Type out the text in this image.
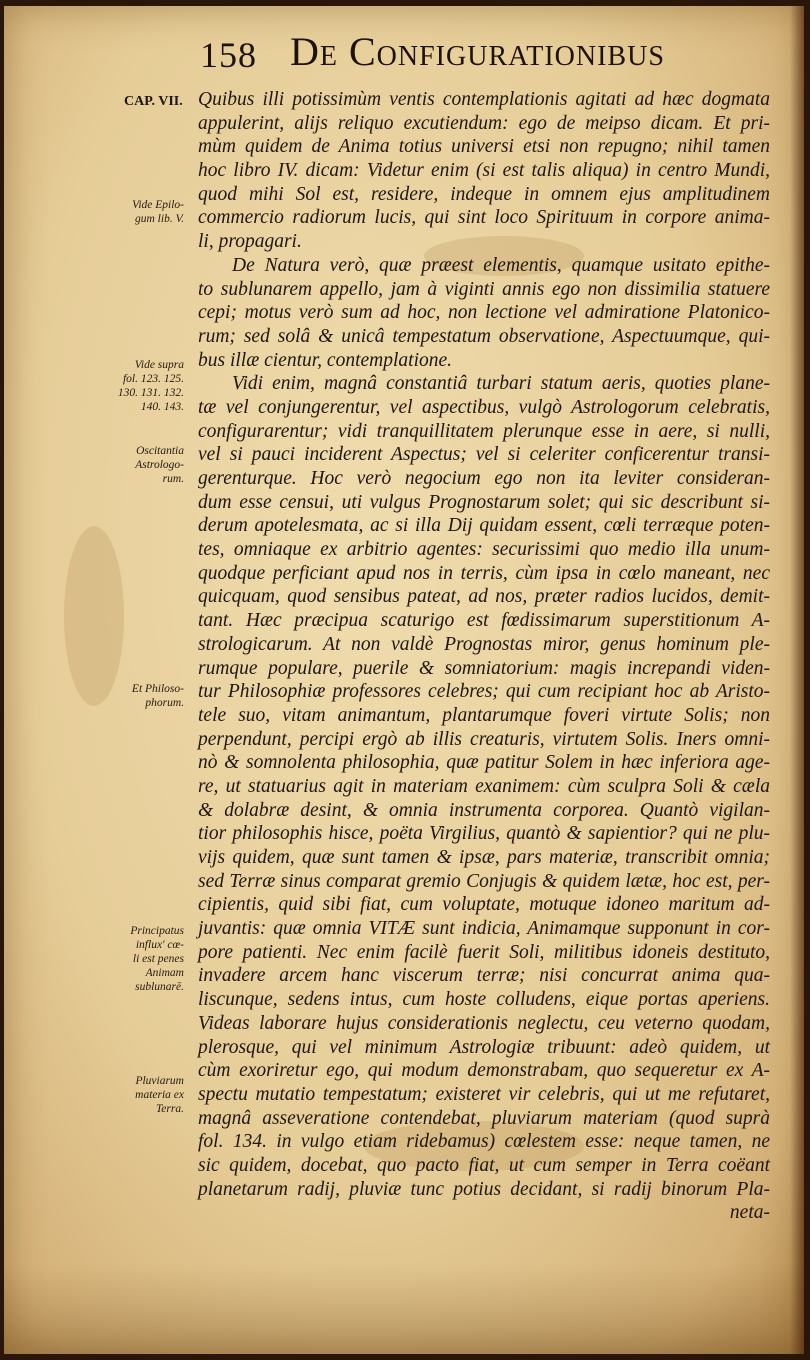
158 De Configurationibus
CAP. VII.
Vide Epilo-
gum lib. V.
Vide supra
fol. 123. 125.
130. 131. 132.
140. 143.
Oscitantia
Astrologo-
rum.
Et Philoso-
phorum.
Principatus
influx' cœ-
li est penes
Animam
sublunarē.
Pluviarum
materia ex
Terra.
Quibus illi potissimùm ventis contemplationis agitati ad hæc dogmata
appulerint, alijs reliquo excutiendum: ego de meipso dicam. Et pri-
mùm quidem de Anima totius universi etsi non repugno; nihil tamen
hoc libro IV. dicam: Videtur enim (si est talis aliqua) in centro Mundi,
quod mihi Sol est, residere, indeque in omnem ejus amplitudinem
commercio radiorum lucis, qui sint loco Spirituum in corpore anima-
li, propagari.
De Natura verò, quæ præest elementis, quamque usitato epithe-
to sublunarem appello, jam à viginti annis ego non dissimilia statuere
cepi; motus verò sum ad hoc, non lectione vel admiratione Platonico-
rum; sed solâ & unicâ tempestatum observatione, Aspectuumque, qui-
bus illæ cientur, contemplatione.
Vidi enim, magnâ constantiâ turbari statum aeris, quoties plane-
tæ vel conjungerentur, vel aspectibus, vulgò Astrologorum celebratis,
configurarentur; vidi tranquillitatem plerunque esse in aere, si nulli,
vel si pauci inciderent Aspectus; vel si celeriter conficerentur transi-
gerenturque. Hoc verò negocium ego non ita leviter consideran-
dum esse censui, uti vulgus Prognostarum solet; qui sic describunt si-
derum apotelesmata, ac si illa Dij quidam essent, cœli terræque poten-
tes, omniaque ex arbitrio agentes: securissimi quo medio illa unum-
quodque perficiant apud nos in terris, cùm ipsa in cœlo maneant, nec
quicquam, quod sensibus pateat, ad nos, præter radios lucidos, demit-
tant. Hæc præcipua scaturigo est fœdissimarum superstitionum A-
strologicarum. At non valdè Prognostas miror, genus hominum ple-
rumque populare, puerile & somniatorium: magis increpandi viden-
tur Philosophiæ professores celebres; qui cum recipiant hoc ab Aristo-
tele suo, vitam animantum, plantarumque foveri virtute Solis; non
perpendunt, percipi ergò ab illis creaturis, virtutem Solis. Iners omni-
nò & somnolenta philosophia, quæ patitur Solem in hæc inferiora age-
re, ut statuarius agit in materiam exanimem: cùm sculpra Soli & cæla
& dolabræ desint, & omnia instrumenta corporea. Quantò vigilan-
tior philosophis hisce, poëta Virgilius, quantò & sapientior? qui ne plu-
vijs quidem, quæ sunt tamen & ipsæ, pars materiæ, transcribit omnia;
sed Terræ sinus comparat gremio Conjugis & quidem lætæ, hoc est, per-
cipientis, quid sibi fiat, cum voluptate, motuque idoneo maritum ad-
juvantis: quæ omnia VITÆ sunt indicia, Animamque supponunt in cor-
pore patienti. Nec enim facilè fuerit Soli, militibus idoneis destituto,
invadere arcem hanc viscerum terræ; nisi concurrat anima qua-
liscunque, sedens intus, cum hoste colludens, eique portas aperiens.
Videas laborare hujus considerationis neglectu, ceu veterno quodam,
plerosque, qui vel minimum Astrologiæ tribuunt: adeò quidem, ut
cùm exoriretur ego, qui modum demonstrabam, quo sequeretur ex A-
spectu mutatio tempestatum; existeret vir celebris, qui ut me refutaret,
magnâ asseveratione contendebat, pluviarum materiam (quod suprà
fol. 134. in vulgo etiam ridebamus) cœlestem esse: neque tamen, ne
sic quidem, docebat, quo pacto fiat, ut cum semper in Terra coëant
planetarum radij, pluviæ tunc potius decidant, si radij binorum Pla-
neta-
